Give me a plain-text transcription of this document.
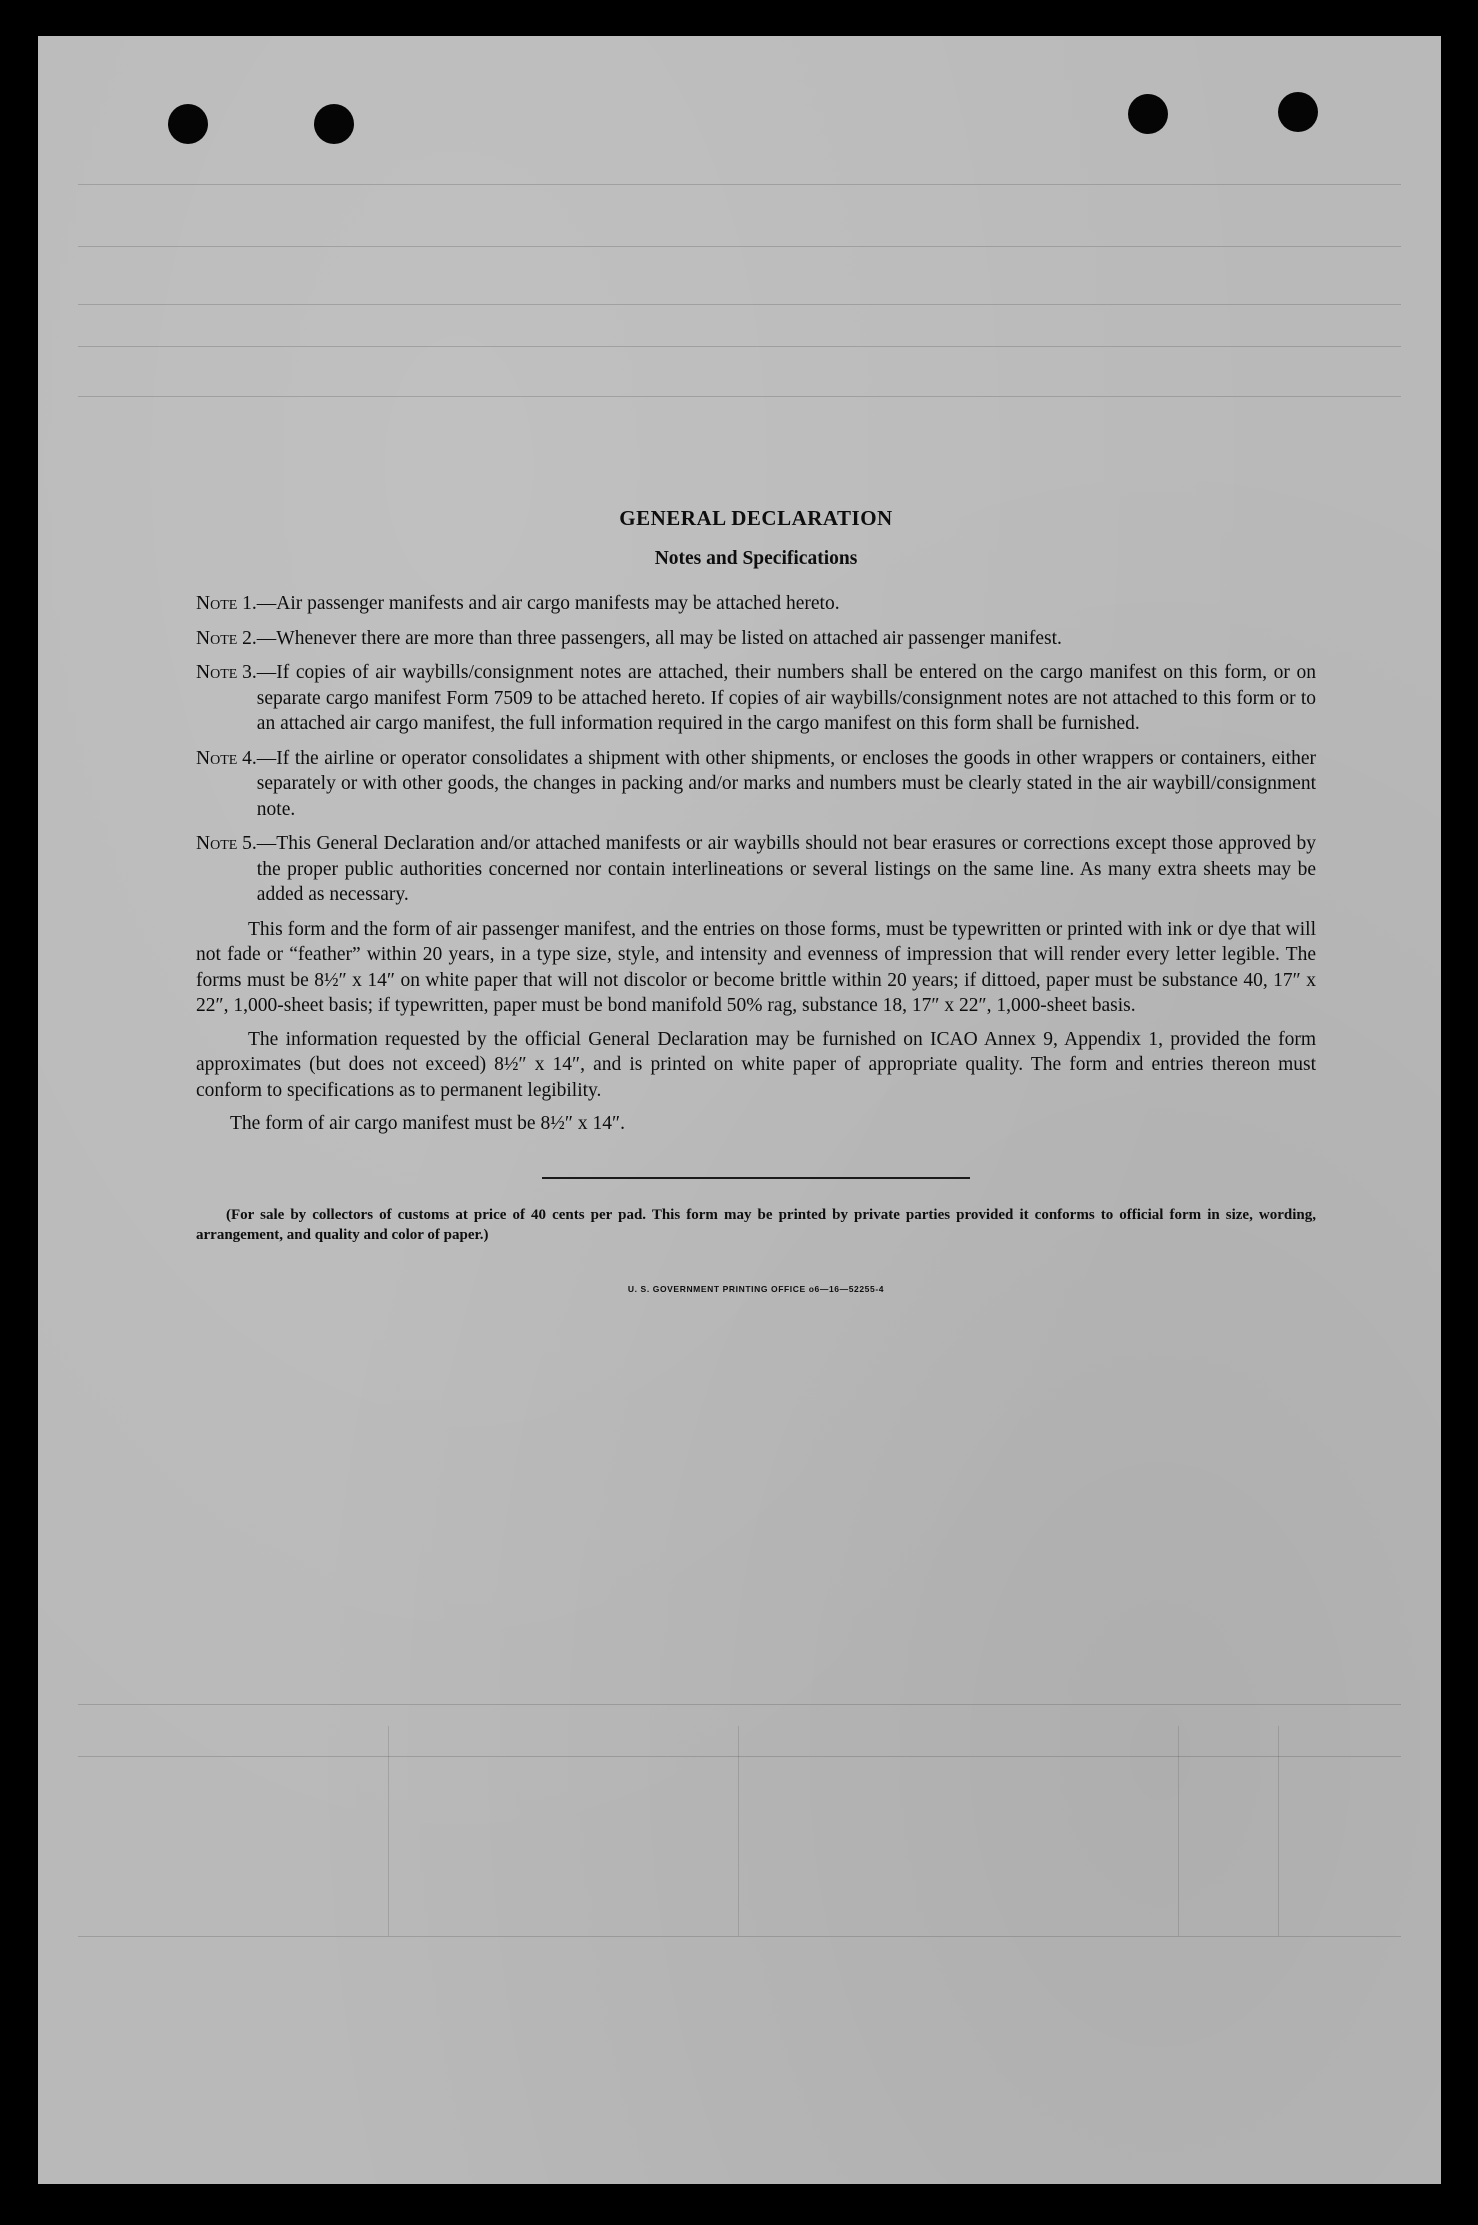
GENERAL DECLARATION
Notes and Specifications
Note 1. —Air passenger manifests and air cargo manifests may be attached hereto.
Note 2. —Whenever there are more than three passengers, all may be listed on attached air passenger manifest.
Note 3. —If copies of air waybills/consignment notes are attached, their numbers shall be entered on the cargo manifest on this form, or on separate cargo manifest Form 7509 to be attached hereto. If copies of air waybills/consignment notes are not attached to this form or to an attached air cargo manifest, the full information required in the cargo manifest on this form shall be furnished.
Note 4. —If the airline or operator consolidates a shipment with other shipments, or encloses the goods in other wrappers or containers, either separately or with other goods, the changes in packing and/or marks and numbers must be clearly stated in the air waybill/consignment note.
Note 5. —This General Declaration and/or attached manifests or air waybills should not bear erasures or corrections except those approved by the proper public authorities concerned nor contain interlineations or several listings on the same line. As many extra sheets may be added as necessary.

This form and the form of air passenger manifest, and the entries on those forms, must be typewritten or printed with ink or dye that will not fade or “feather” within 20 years, in a type size, style, and intensity and evenness of impression that will render every letter legible. The forms must be 8½″ x 14″ on white paper that will not discolor or become brittle within 20 years; if dittoed, paper must be substance 40, 17″ x 22″, 1,000-sheet basis; if typewritten, paper must be bond manifold 50% rag, substance 18, 17″ x 22″, 1,000-sheet basis.

The information requested by the official General Declaration may be furnished on ICAO Annex 9, Appendix 1, provided the form approximates (but does not exceed) 8½″ x 14″, and is printed on white paper of appropriate quality. The form and entries thereon must conform to specifications as to permanent legibility.

The form of air cargo manifest must be 8½″ x 14″.

(For sale by collectors of customs at price of 40 cents per pad. This form may be printed by private parties provided it conforms to official form in size, wording, arrangement, and quality and color of paper.)

U. S. GOVERNMENT PRINTING OFFICE o6—16—52255-4
